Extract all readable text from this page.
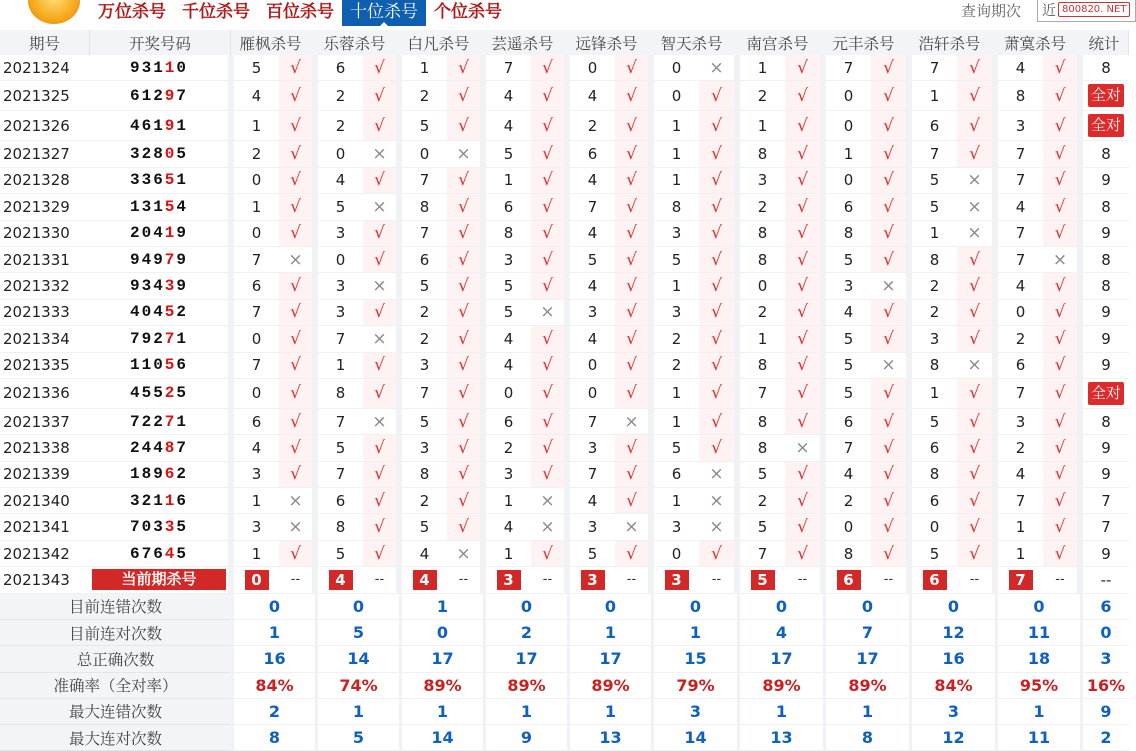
万位杀号 千位杀号 百位杀号 十位杀号 个位杀号	查询期次	近 800820. NET
期号	开奖号码	雁枫杀号		乐蓉杀号		白凡杀号		芸遥杀号		远锋杀号		智天杀号		南宫杀号		元丰杀号		浩轩杀号		萧寞杀号		统计
2021324	93110	5	√	6	√	1	√	7	√	0	√	0	×	1	√	7	√	7	√	4	√	8
2021325	61297	4	√	2	√	2	√	4	√	4	√	0	√	2	√	0	√	1	√	8	√	全对
2021326	46191	1	√	2	√	5	√	4	√	2	√	1	√	1	√	0	√	6	√	3	√	全对
2021327	32805	2	√	0	×	0	×	5	√	6	√	1	√	8	√	1	√	7	√	7	√	8
2021328	33651	0	√	4	√	7	√	1	√	4	√	1	√	3	√	0	√	5	×	7	√	9
2021329	13154	1	√	5	×	8	√	6	√	7	√	8	√	2	√	6	√	5	×	4	√	8
2021330	20419	0	√	3	√	7	√	8	√	4	√	3	√	8	√	8	√	1	×	7	√	9
2021331	94979	7	×	0	√	6	√	3	√	5	√	5	√	8	√	5	√	8	√	7	×	8
2021332	93439	6	√	3	×	5	√	5	√	4	√	1	√	0	√	3	×	2	√	4	√	8
2021333	40452	7	√	3	√	2	√	5	×	3	√	3	√	2	√	4	√	2	√	0	√	9
2021334	79271	0	√	7	×	2	√	4	√	4	√	2	√	1	√	5	√	3	√	2	√	9
2021335	11056	7	√	1	√	3	√	4	√	0	√	2	√	8	√	5	×	8	×	6	√	9
2021336	45525	0	√	8	√	7	√	0	√	0	√	1	√	7	√	5	√	1	√	7	√	全对
2021337	72271	6	√	7	×	5	√	6	√	7	×	1	√	8	√	6	√	5	√	3	√	8
2021338	24487	4	√	5	√	3	√	2	√	3	√	5	√	8	×	7	√	6	√	2	√	9
2021339	18962	3	√	7	√	8	√	3	√	7	√	6	×	5	√	4	√	8	√	4	√	9
2021340	32116	1	×	6	√	2	√	1	×	4	√	1	×	2	√	2	√	6	√	7	√	7
2021341	70335	3	×	8	√	5	√	4	×	3	×	3	×	5	√	0	√	0	√	1	√	7
2021342	67645	1	√	5	√	4	×	1	√	5	√	0	√	7	√	8	√	5	√	1	√	9
2021343	当前期杀号	0	--	4	--	4	--	3	--	3	--	3	--	5	--	6	--	6	--	7	--	--
目前连错次数		0		0		1		0		0		0		0		0		0		0		6
目前连对次数		1		5		0		2		1		1		4		7		12		11		0
总正确次数		16		14		17		17		17		15		17		17		16		18		3
准确率（全对率）		84%		74%		89%		89%		89%		79%		89%		89%		84%		95%		16%
最大连错次数		2		1		1		1		1		3		1		1		3		1		9
最大连对次数		8		5		14		9		13		14		13		8		12		11		2
